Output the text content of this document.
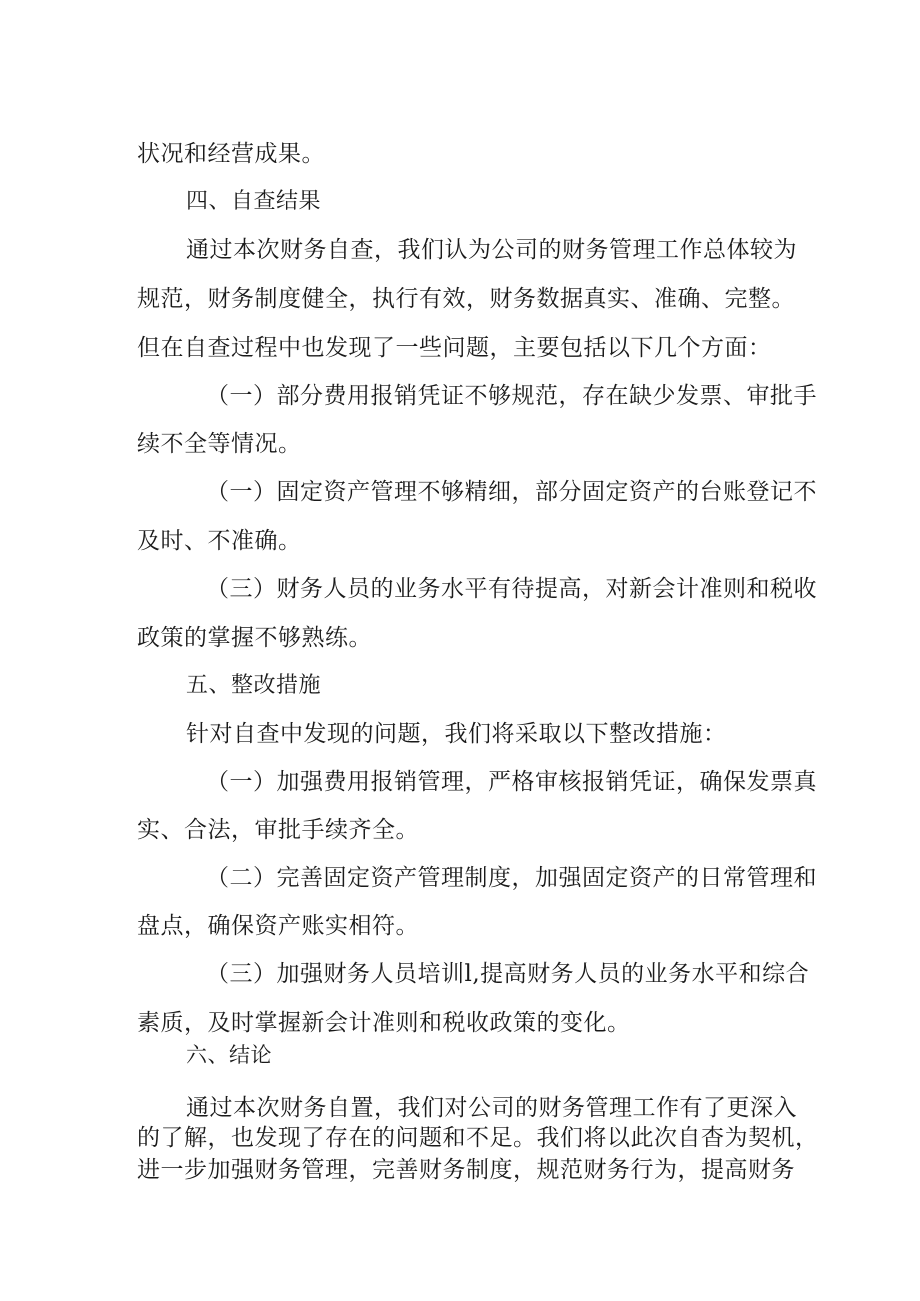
状况和经营成果。

四、自查结果

通过本次财务自查，我们认为公司的财务管理工作总体较为

规范，财务制度健全，执行有效，财务数据真实、准确、完整。

但在自查过程中也发现了一些问题，主要包括以下几个方面：

（一）部分费用报销凭证不够规范，存在缺少发票、审批手

续不全等情况。

（一）固定资产管理不够精细，部分固定资产的台账登记不

及时、不准确。

（三）财务人员的业务水平有待提高，对新会计准则和税收

政策的掌握不够熟练。

五、整改措施

针对自查中发现的问题，我们将采取以下整改措施：

（一）加强费用报销管理，严格审核报销凭证，确保发票真

实、合法，审批手续齐全。

（二）完善固定资产管理制度，加强固定资产的日常管理和

盘点，确保资产账实相符。

（三）加强财务人员培训l,提高财务人员的业务水平和综合

素质，及时掌握新会计准则和税收政策的变化。

六、结论

通过本次财务自置，我们对公司的财务管理工作有了更深入

的了解，也发现了存在的问题和不足。我们将以此次自杳为契机，

进一步加强财务管理，完善财务制度，规范财务行为，提高财务
